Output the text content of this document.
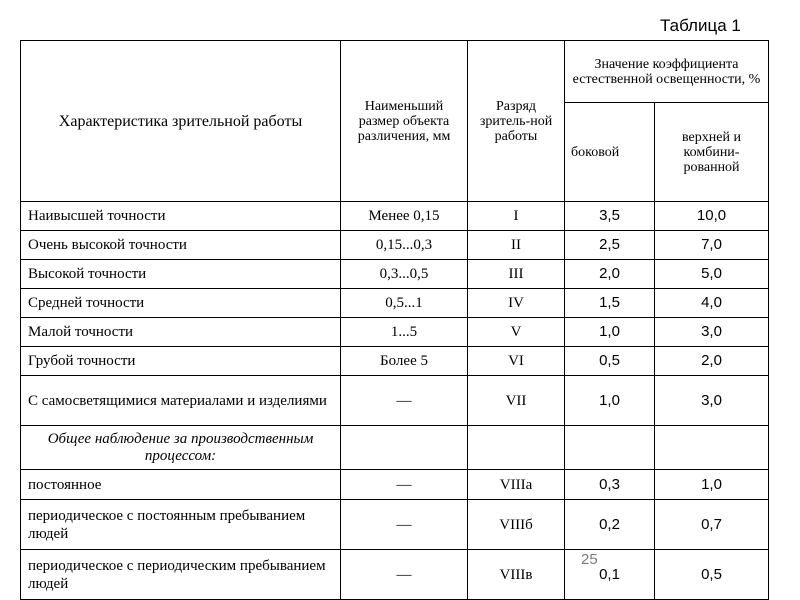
Таблица 1
Характеристика зрительной работы	Наименьший размер объекта различения, мм	Разряд зритель-ной работы	Значение коэффициента естественной освещенности, %	
			боковой	верхней и комбини-рованной
Наивысшей точности	Менее 0,15	I	3,5	10,0
Очень высокой точности	0,15...0,3	II	2,5	7,0
Высокой точности	0,3...0,5	III	2,0	5,0
Средней точности	0,5...1	IV	1,5	4,0
Малой точности	1...5	V	1,0	3,0
Грубой точности	Более 5	VI	0,5	2,0
С самосветящимися материалами и изделиями	—	VII	1,0	3,0
Общее наблюдение за производственным процессом:				
постоянное	—	VIIIa	0,3	1,0
периодическое с постоянным пребыванием людей	—	VIIIб	0,2	0,7
периодическое с периодическим пребыванием людей	—	VIIIв	0,1	0,5
25
